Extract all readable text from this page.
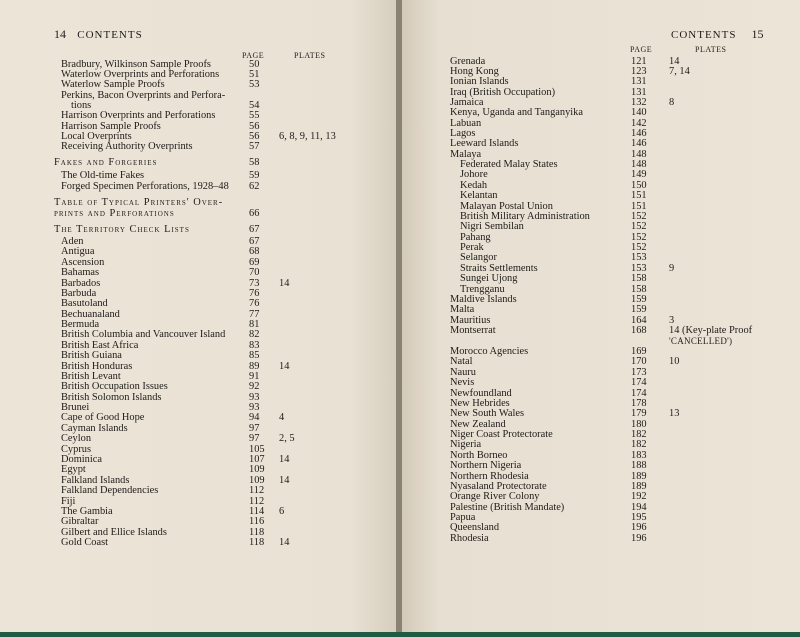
14 CONTENTS
PAGE	PLATES
Bradbury, Wilkinson Sample Proofs	50
Waterlow Overprints and Perforations	51
Waterlow Sample Proofs	53
Perkins, Bacon Overprints and Perfora-
tions	54
Harrison Overprints and Perforations	55
Harrison Sample Proofs	56
Local Overprints	56 6, 8, 9, 11, 13
Receiving Authority Overprints	57
Fakes and Forgeries	58
The Old-time Fakes	59
Forged Specimen Perforations, 1928–48 62
Table of Typical Printers' Over-
prints and Perforations	66
The Territory Check Lists	67
Aden	67
Antigua	68
Ascension	69
Bahamas	70
Barbados	73 14
Barbuda	76
Basutoland	76
Bechuanaland	77
Bermuda	81
British Columbia and Vancouver Island 82
British East Africa	83
British Guiana	85
British Honduras	89 14
British Levant	91
British Occupation Issues	92
British Solomon Islands	93
Brunei	93
Cape of Good Hope	94 4
Cayman Islands	97
Ceylon	97 2, 5
Cyprus	105
Dominica	107 14
Egypt	109
Falkland Islands	109 14
Falkland Dependencies	112
Fiji	112
The Gambia	114 6
Gibraltar	116
Gilbert and Ellice Islands	118
Gold Coast	118 14
CONTENTS 15
PAGE	PLATES
Grenada	121 14
Hong Kong	123 7, 14
Ionian Islands	131
Iraq (British Occupation)	131
Jamaica	132 8
Kenya, Uganda and Tanganyika	140
Labuan	142
Lagos	146
Leeward Islands	146
Malaya	148
Federated Malay States	148
Johore	149
Kedah	150
Kelantan	151
Malayan Postal Union	151
British Military Administration	152
Nigri Sembilan	152
Pahang	152
Perak	152
Selangor	153
Straits Settlements	153 9
Sungei Ujong	158
Trengganu	158
Maldive Islands	159
Malta	159
Mauritius	164 3
Montserrat	168 14 (Key-plate Proof
'CANCELLED')
Morocco Agencies	169
Natal	170 10
Nauru	173
Nevis	174
Newfoundland	174
New Hebrides	178
New South Wales	179 13
New Zealand	180
Niger Coast Protectorate	182
Nigeria	182
North Borneo	183
Northern Nigeria	188
Northern Rhodesia	189
Nyasaland Protectorate	189
Orange River Colony	192
Palestine (British Mandate)	194
Papua	195
Queensland	196
Rhodesia	196
